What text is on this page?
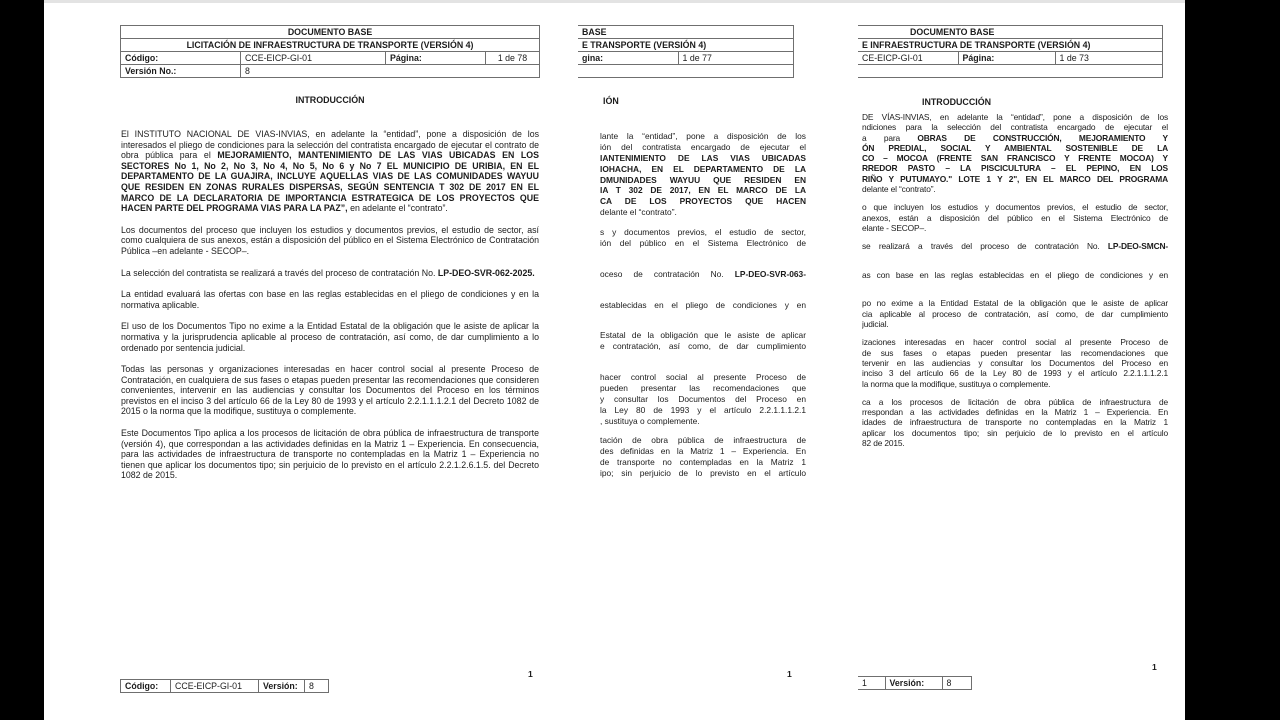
DOCUMENTO BASE			
LICITACIÓN DE INFRAESTRUCTURA DE TRANSPORTE (VERSIÓN 4)			
Código:	CCE-EICP-GI-01	Página:	1 de 78
Versión No.:	8		
INTRODUCCIÓN
El INSTITUTO NACIONAL DE VIAS-INVIAS, en adelante la “entidad”, pone a disposición de los interesados el pliego de condiciones para la selección del contratista encargado de ejecutar el contrato de obra pública para el MEJORAMIENTO, MANTENIMIENTO DE LAS VIAS UBICADAS EN LOS SECTORES No 1, No 2, No 3, No 4, No 5, No 6 y No 7 EL MUNICIPIO DE URIBIA, EN EL DEPARTAMENTO DE LA GUAJIRA, INCLUYE AQUELLAS VIAS DE LAS COMUNIDADES WAYUU QUE RESIDEN EN ZONAS RURALES DISPERSAS, SEGÚN SENTENCIA T 302 DE 2017 EN EL MARCO DE LA DECLARATORIA DE IMPORTANCIA ESTRATEGICA DE LOS PROYECTOS QUE HACEN PARTE DEL PROGRAMA VIAS PARA LA PAZ”, en adelante el “contrato”.
Los documentos del proceso que incluyen los estudios y documentos previos, el estudio de sector, así como cualquiera de sus anexos, están a disposición del público en el Sistema Electrónico de Contratación Pública –en adelante - SECOP–.
La selección del contratista se realizará a través del proceso de contratación No. LP-DEO-SVR-062-2025.
La entidad evaluará las ofertas con base en las reglas establecidas en el pliego de condiciones y en la normativa aplicable.
El uso de los Documentos Tipo no exime a la Entidad Estatal de la obligación que le asiste de aplicar la normativa y la jurisprudencia aplicable al proceso de contratación, así como, de dar cumplimiento a lo ordenado por sentencia judicial.
Todas las personas y organizaciones interesadas en hacer control social al presente Proceso de Contratación, en cualquiera de sus fases o etapas pueden presentar las recomendaciones que consideren convenientes, intervenir en las audiencias y consultar los Documentos del Proceso en los términos previstos en el inciso 3 del artículo 66 de la Ley 80 de 1993 y el artículo 2.2.1.1.1.2.1 del Decreto 1082 de 2015 o la norma que la modifique, sustituya o complemente.
Este Documentos Tipo aplica a los procesos de licitación de obra pública de infraestructura de transporte (versión 4), que correspondan a las actividades definidas en la Matriz 1 – Experiencia. En consecuencia, para las actividades de infraestructura de transporte no contempladas en la Matriz 1 – Experiencia no tienen que aplicar los documentos tipo; sin perjuicio de lo previsto en el artículo 2.2.1.2.6.1.5. del Decreto 1082 de 2015.
Código:	CCE-EICP-GI-01	Versión:	8
1
BASE
E TRANSPORTE (VERSIÓN 4)
gina:	1 de 77

IÓN
lante la “entidad”, pone a disposición de los
ión del contratista encargado de ejecutar el
IANTENIMIENTO DE LAS VIAS UBICADAS
IOHACHA, EN EL DEPARTAMENTO DE LA
DMUNIDADES WAYUU QUE RESIDEN EN
IA T 302 DE 2017, EN EL MARCO DE LA
CA DE LOS PROYECTOS QUE HACEN
delante el “contrato”.
s y documentos previos, el estudio de sector,
ión del público en el Sistema Electrónico de

oceso de contratación No. LP-DEO-SVR-063-

establecidas en el pliego de condiciones y en

Estatal de la obligación que le asiste de aplicar
e contratación, así como, de dar cumplimiento

hacer control social al presente Proceso de
pueden presentar las recomendaciones que
y consultar los Documentos del Proceso en
la Ley 80 de 1993 y el artículo 2.2.1.1.1.2.1
, sustituya o complemente.
tación de obra pública de infraestructura de
des definidas en la Matriz 1 – Experiencia. En
de transporte no contempladas en la Matriz 1
ipo; sin perjuicio de lo previsto en el artículo
1
DOCUMENTO BASE
E INFRAESTRUCTURA DE TRANSPORTE (VERSIÓN 4)
CE-EICP-GI-01	Página:	1 de 73

INTRODUCCIÓN
DE VÍAS-INVIAS, en adelante la “entidad”, pone a disposición de los
ndiciones para la selección del contratista encargado de ejecutar el
a para OBRAS DE CONSTRUCCIÓN, MEJORAMIENTO Y
ÓN PREDIAL, SOCIAL Y AMBIENTAL SOSTENIBLE DE LA
CO – MOCOA (FRENTE SAN FRANCISCO Y FRENTE MOCOA) Y
RREDOR PASTO – LA PISCICULTURA – EL PEPINO, EN LOS
RIÑO Y PUTUMAYO." LOTE 1 Y 2", EN EL MARCO DEL PROGRAMA
delante el “contrato”.
o que incluyen los estudios y documentos previos, el estudio de sector,
anexos, están a disposición del público en el Sistema Electrónico de
elante - SECOP–.
se realizará a través del proceso de contratación No. LP-DEO-SMCN-

as con base en las reglas establecidas en el pliego de condiciones y en

po no exime a la Entidad Estatal de la obligación que le asiste de aplicar
cia aplicable al proceso de contratación, así como, de dar cumplimiento
judicial.
izaciones interesadas en hacer control social al presente Proceso de
de sus fases o etapas pueden presentar las recomendaciones que
tervenir en las audiencias y consultar los Documentos del Proceso en
inciso 3 del artículo 66 de la Ley 80 de 1993 y el artículo 2.2.1.1.1.2.1
la norma que la modifique, sustituya o complemente.
ca a los procesos de licitación de obra pública de infraestructura de
rrespondan a las actividades definidas en la Matriz 1 – Experiencia. En
idades de infraestructura de transporte no contempladas en la Matriz 1
aplicar los documentos tipo; sin perjuicio de lo previsto en el artículo
82 de 2015.
1	Versión:	8
1
